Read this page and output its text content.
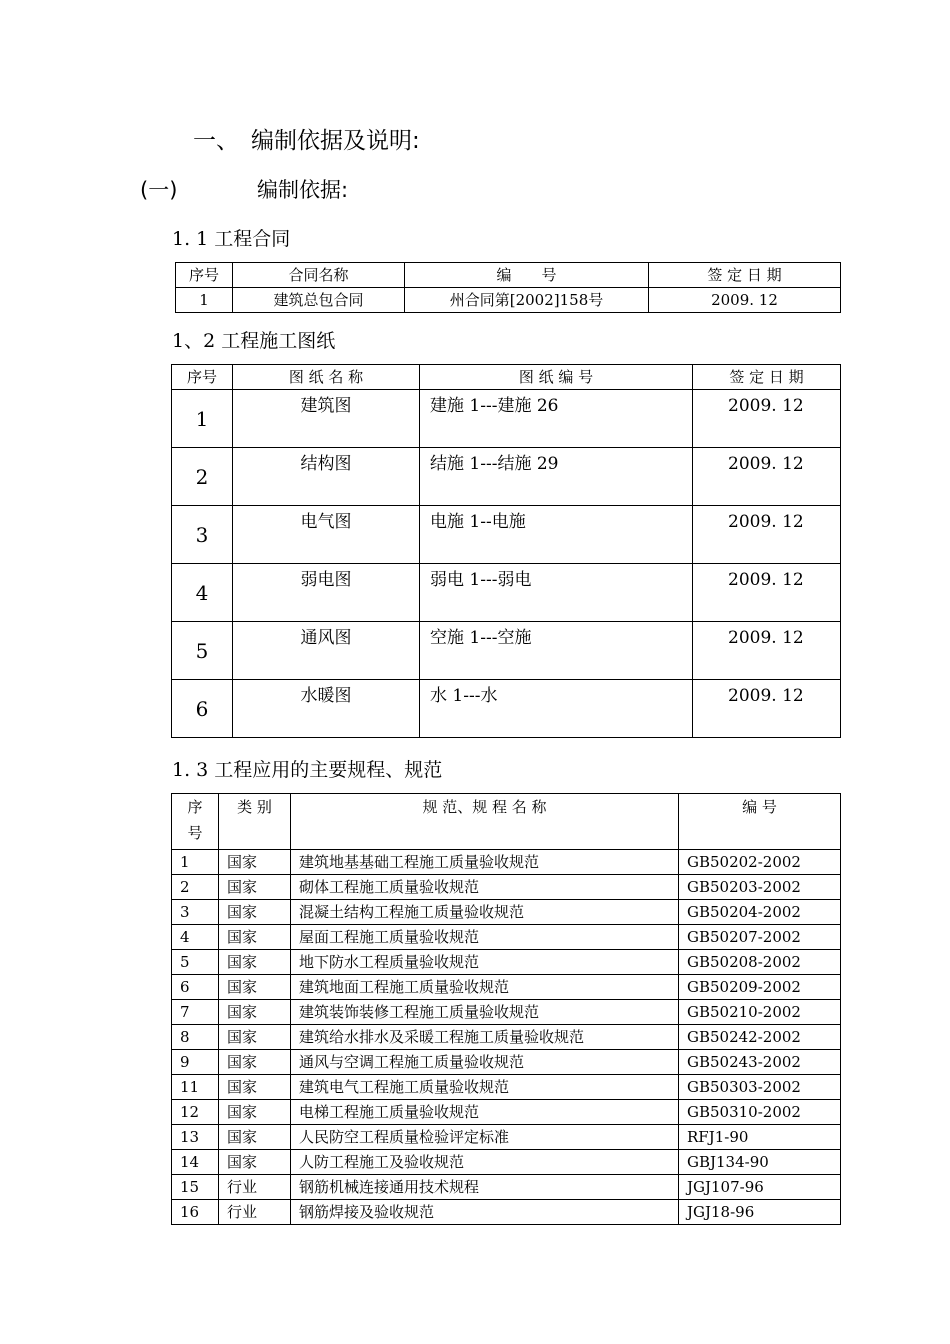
一、 编制依据及说明:
(一)	编制依据:
1. 1 工程合同
序号	合同名称	编　　号	签 定 日 期
1	建筑总包合同	州合同第[2002]158号	2009. 12
1、2 工程施工图纸
序号	图 纸 名 称	图 纸 编 号	签 定 日 期
1	建筑图	建施 1---建施 26	2009. 12
2	结构图	结施 1---结施 29	2009. 12
3	电气图	电施 1--电施	2009. 12
4	弱电图	弱电 1---弱电	2009. 12
5	通风图	空施 1---空施	2009. 12
6	水暖图	水 1---水	2009. 12
1. 3 工程应用的主要规程、规范
序
号	类 别	规 范、规 程 名 称	编 号
1	国家	建筑地基基础工程施工质量验收规范	GB50202-2002
2	国家	砌体工程施工质量验收规范	GB50203-2002
3	国家	混凝土结构工程施工质量验收规范	GB50204-2002
4	国家	屋面工程施工质量验收规范	GB50207-2002
5	国家	地下防水工程质量验收规范	GB50208-2002
6	国家	建筑地面工程施工质量验收规范	GB50209-2002
7	国家	建筑装饰装修工程施工质量验收规范	GB50210-2002
8	国家	建筑给水排水及采暖工程施工质量验收规范	GB50242-2002
9	国家	通风与空调工程施工质量验收规范	GB50243-2002
11	国家	建筑电气工程施工质量验收规范	GB50303-2002
12	国家	电梯工程施工质量验收规范	GB50310-2002
13	国家	人民防空工程质量检验评定标准	RFJ1-90
14	国家	人防工程施工及验收规范	GBJ134-90
15	行业	钢筋机械连接通用技术规程	JGJ107-96
16	行业	钢筋焊接及验收规范	JGJ18-96
